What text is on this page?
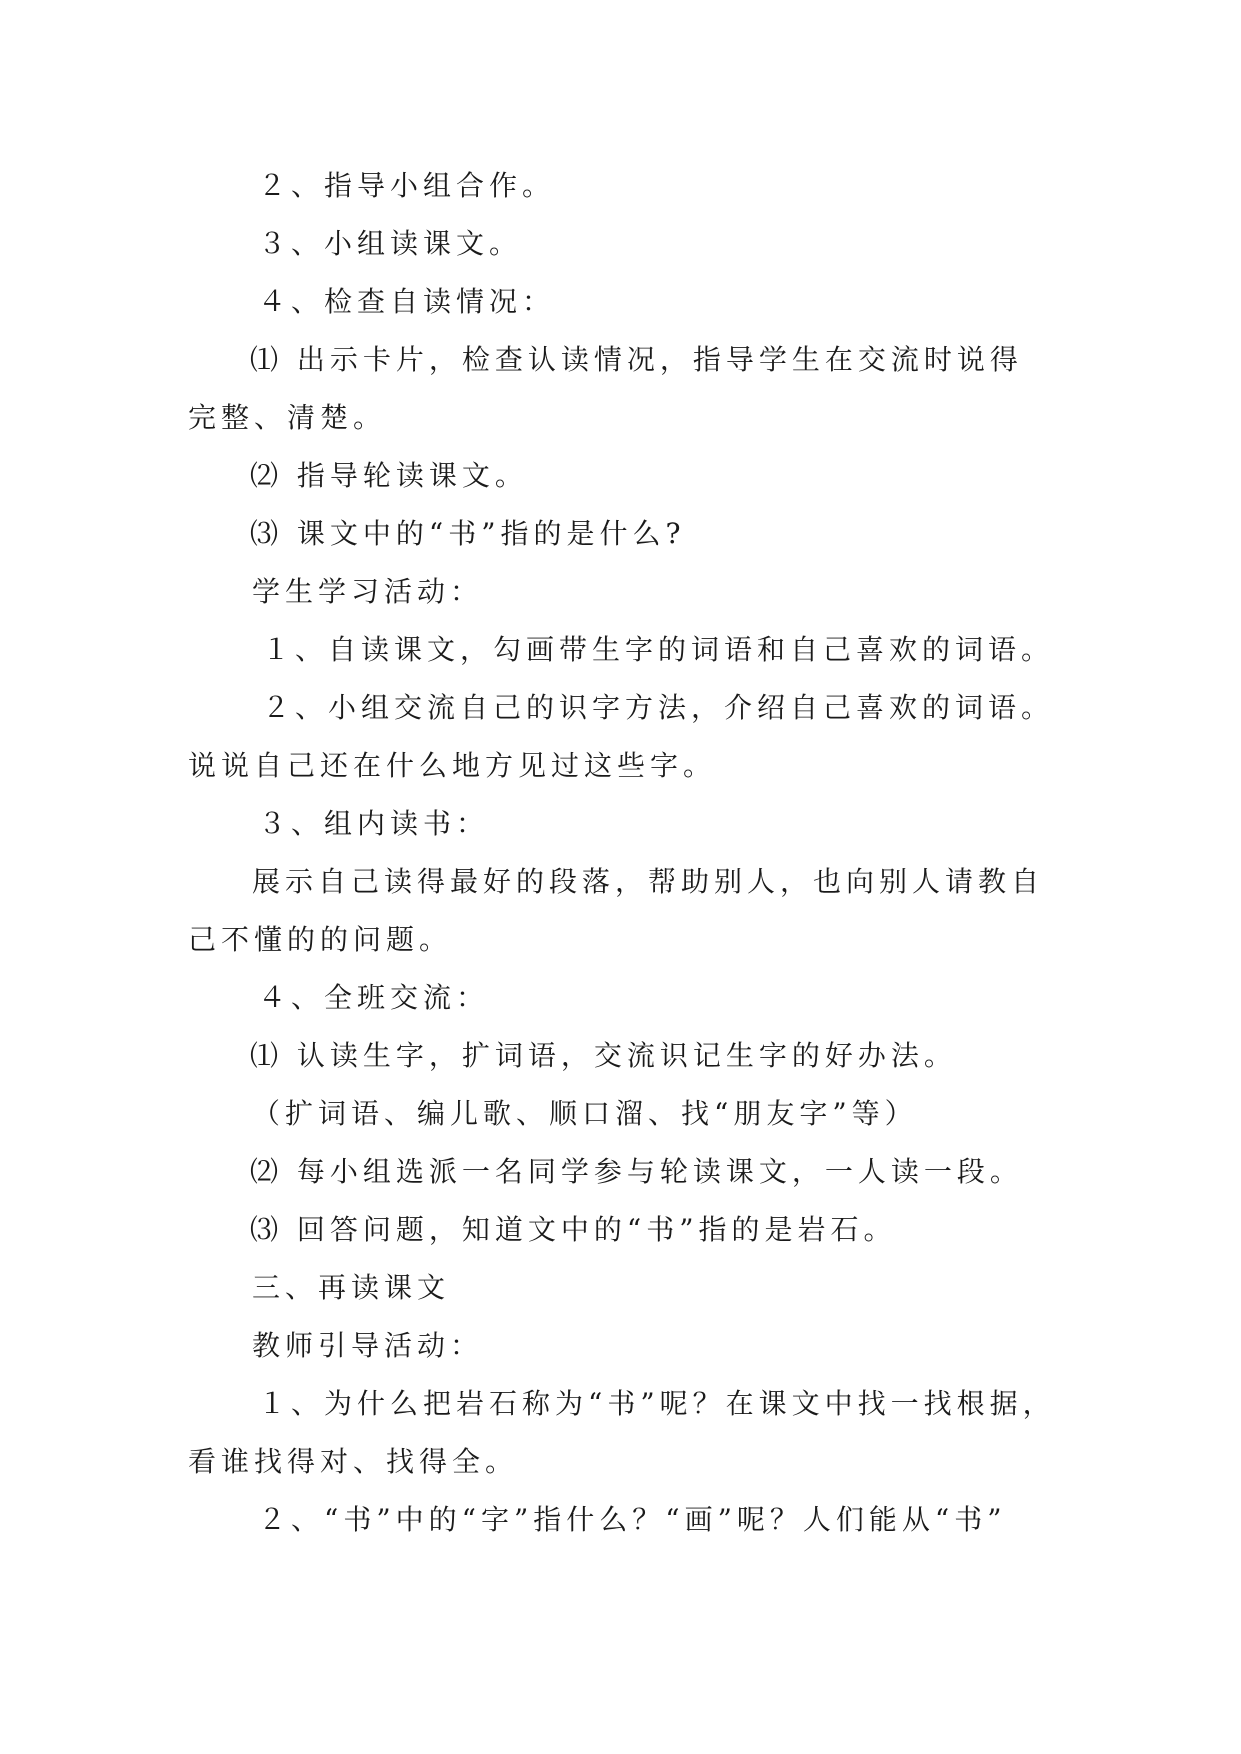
２、指导小组合作。
３、小组读课文。
４、检查自读情况：
⑴ 出示卡片，检查认读情况，指导学生在交流时说得
完整、清楚。
⑵ 指导轮读课文。
⑶ 课文中的“书”指的是什么?
学生学习活动：
１、自读课文，勾画带生字的词语和自己喜欢的词语。
２、小组交流自己的识字方法，介绍自己喜欢的词语。
说说自己还在什么地方见过这些字。
３、组内读书：
展示自己读得最好的段落，帮助别人，也向别人请教自
己不懂的的问题。
４、全班交流：
⑴ 认读生字，扩词语，交流识记生字的好办法。
（扩词语、编儿歌、顺口溜、找“朋友字”等）
⑵ 每小组选派一名同学参与轮读课文，一人读一段。
⑶ 回答问题，知道文中的“书”指的是岩石。
三、再读课文
教师引导活动：
１、为什么把岩石称为“书”呢？在课文中找一找根据，
看谁找得对、找得全。
２、“书”中的“字”指什么？“画”呢？人们能从“书”
